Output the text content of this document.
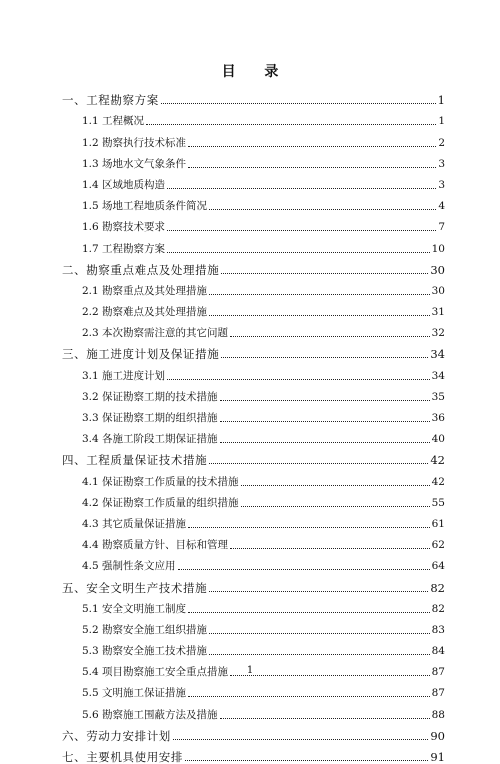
目 录
一、工程勘察方案	1
1.1 工程概况	1
1.2 勘察执行技术标准	2
1.3 场地水文气象条件	3
1.4 区域地质构造	3
1.5 场地工程地质条件简况	4
1.6 勘察技术要求	7
1.7 工程勘察方案	10
二、勘察重点难点及处理措施	30
2.1 勘察重点及其处理措施	30
2.2 勘察难点及其处理措施	31
2.3 本次勘察需注意的其它问题	32
三、施工进度计划及保证措施	34
3.1 施工进度计划	34
3.2 保证勘察工期的技术措施	35
3.3 保证勘察工期的组织措施	36
3.4 各施工阶段工期保证措施	40
四、工程质量保证技术措施	42
4.1 保证勘察工作质量的技术措施	42
4.2 保证勘察工作质量的组织措施	55
4.3 其它质量保证措施	61
4.4 勘察质量方针、目标和管理	62
4.5 强制性条文应用	64
五、安全文明生产技术措施	82
5.1 安全文明施工制度	82
5.2 勘察安全施工组织措施	83
5.3 勘察安全施工技术措施	84
5.4 项目勘察施工安全重点措施	87
5.5 文明施工保证措施	87
5.6 勘察施工围蔽方法及措施	88
六、劳动力安排计划	90
七、主要机具使用安排	91
1
